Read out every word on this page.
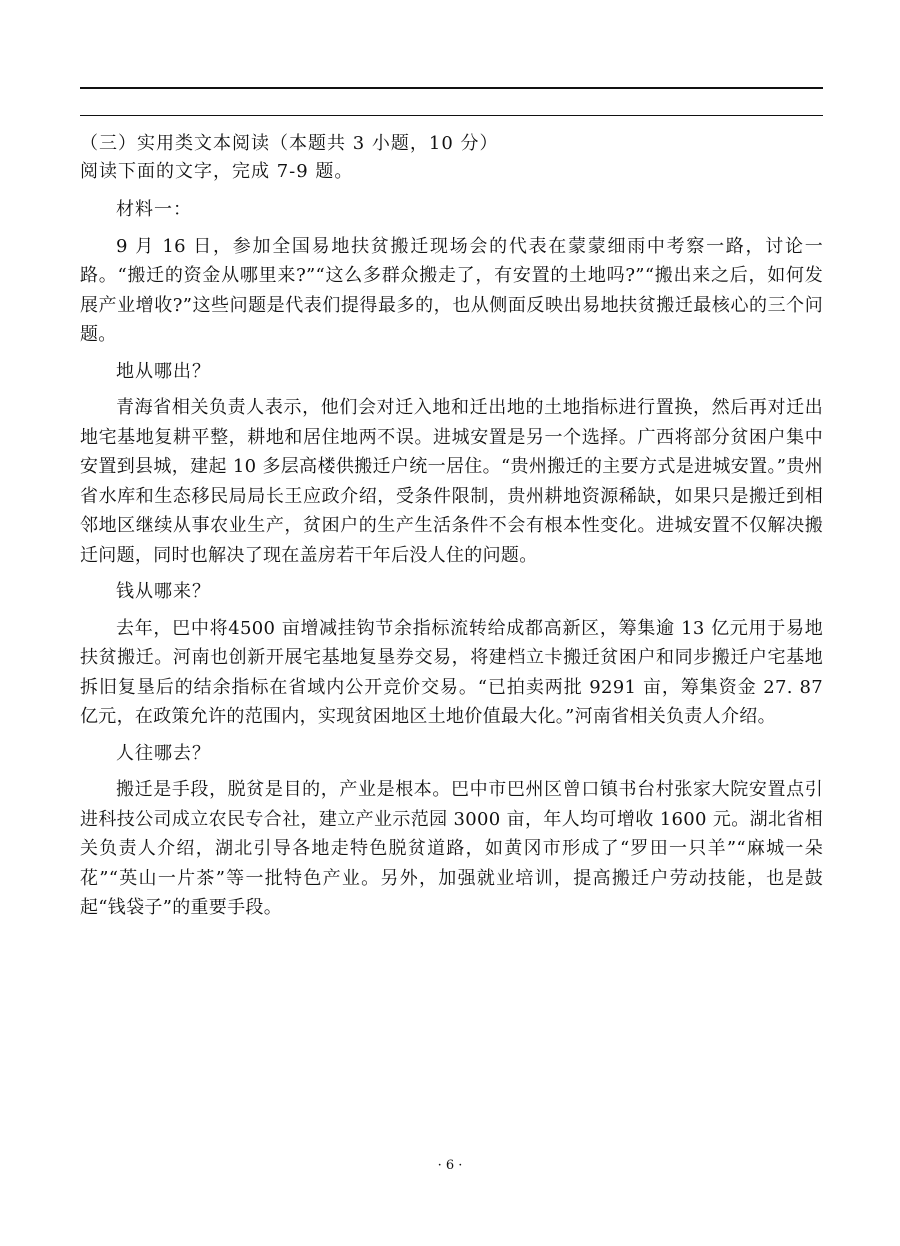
（三）实用类文本阅读（本题共 3 小题，10 分）

阅读下面的文字，完成 7-9 题。

材料一：

9 月 16 日，参加全国易地扶贫搬迁现场会的代表在蒙蒙细雨中考察一路，讨论一路。“搬迁的资金从哪里来?”“这么多群众搬走了，有安置的土地吗?”“搬出来之后，如何发展产业增收?”这些问题是代表们提得最多的，也从侧面反映出易地扶贫搬迁最核心的三个问题。

地从哪出？

青海省相关负责人表示，他们会对迁入地和迁出地的土地指标进行置换，然后再对迁出地宅基地复耕平整，耕地和居住地两不误。进城安置是另一个选择。广西将部分贫困户集中安置到县城，建起 10 多层高楼供搬迁户统一居住。“贵州搬迁的主要方式是进城安置。”贵州省水库和生态移民局局长王应政介绍，受条件限制，贵州耕地资源稀缺，如果只是搬迁到相邻地区继续从事农业生产，贫困户的生产生活条件不会有根本性变化。进城安置不仅解决搬迁问题，同时也解决了现在盖房若干年后没人住的问题。

钱从哪来？

去年，巴中将4500 亩增减挂钩节余指标流转给成都高新区，筹集逾 13 亿元用于易地扶贫搬迁。河南也创新开展宅基地复垦券交易，将建档立卡搬迁贫困户和同步搬迁户宅基地拆旧复垦后的结余指标在省域内公开竞价交易。“已拍卖两批 9291 亩，筹集资金 27. 87 亿元，在政策允许的范围内，实现贫困地区土地价值最大化。”河南省相关负责人介绍。

人往哪去？

搬迁是手段，脱贫是目的，产业是根本。巴中市巴州区曾口镇书台村张家大院安置点引进科技公司成立农民专合社，建立产业示范园 3000 亩，年人均可增收 1600 元。湖北省相关负责人介绍，湖北引导各地走特色脱贫道路，如黄冈市形成了“罗田一只羊”“麻城一朵花”“英山一片茶”等一批特色产业。另外，加强就业培训，提高搬迁户劳动技能，也是鼓起“钱袋子”的重要手段。

· 6 ·
